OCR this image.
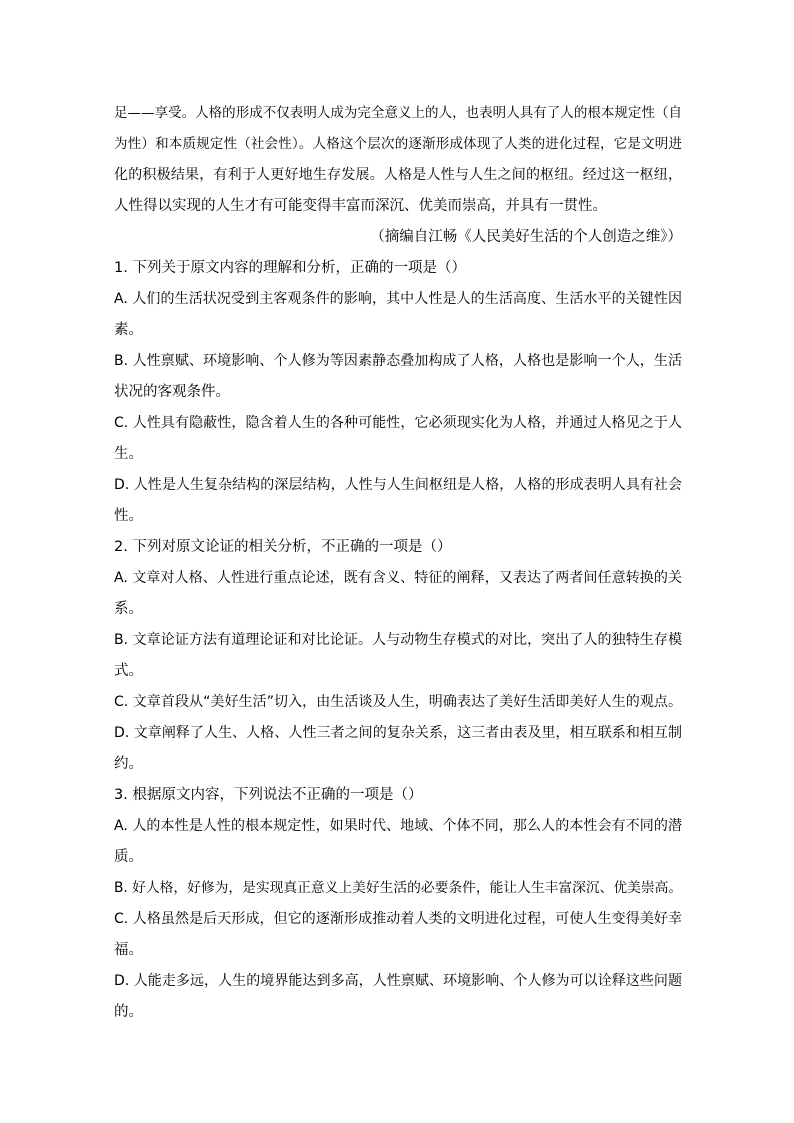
足——享受。人格的形成不仅表明人成为完全意义上的人，也表明人具有了人的根本规定性（自
为性）和本质规定性（社会性）。人格这个层次的逐渐形成体现了人类的进化过程，它是文明进
化的积极结果，有利于人更好地生存发展。人格是人性与人生之间的枢纽。经过这一枢纽，
人性得以实现的人生才有可能变得丰富而深沉、优美而崇高，并具有一贯性。
（摘编自江畅《人民美好生活的个人创造之维》）
1. 下列关于原文内容的理解和分析，正确的一项是（）
A. 人们的生活状况受到主客观条件的影响，其中人性是人的生活高度、生活水平的关键性因
素。
B. 人性禀赋、环境影响、个人修为等因素静态叠加构成了人格，人格也是影响一个人，生活
状况的客观条件。
C. 人性具有隐蔽性，隐含着人生的各种可能性，它必须现实化为人格，并通过人格见之于人
生。
D. 人性是人生复杂结构的深层结构，人性与人生间枢纽是人格，人格的形成表明人具有社会
性。
2. 下列对原文论证的相关分析，不正确的一项是（）
A. 文章对人格、人性进行重点论述，既有含义、特征的阐释，又表达了两者间任意转换的关
系。
B. 文章论证方法有道理论证和对比论证。人与动物生存模式的对比，突出了人的独特生存模
式。
C. 文章首段从“美好生活”切入，由生活谈及人生，明确表达了美好生活即美好人生的观点。
D. 文章阐释了人生、人格、人性三者之间的复杂关系，这三者由表及里，相互联系和相互制
约。
3. 根据原文内容，下列说法不正确的一项是（）
A. 人的本性是人性的根本规定性，如果时代、地域、个体不同，那么人的本性会有不同的潜
质。
B. 好人格，好修为，是实现真正意义上美好生活的必要条件，能让人生丰富深沉、优美崇高。
C. 人格虽然是后天形成，但它的逐渐形成推动着人类的文明进化过程，可使人生变得美好幸
福。
D. 人能走多远，人生的境界能达到多高，人性禀赋、环境影响、个人修为可以诠释这些问题
的。
